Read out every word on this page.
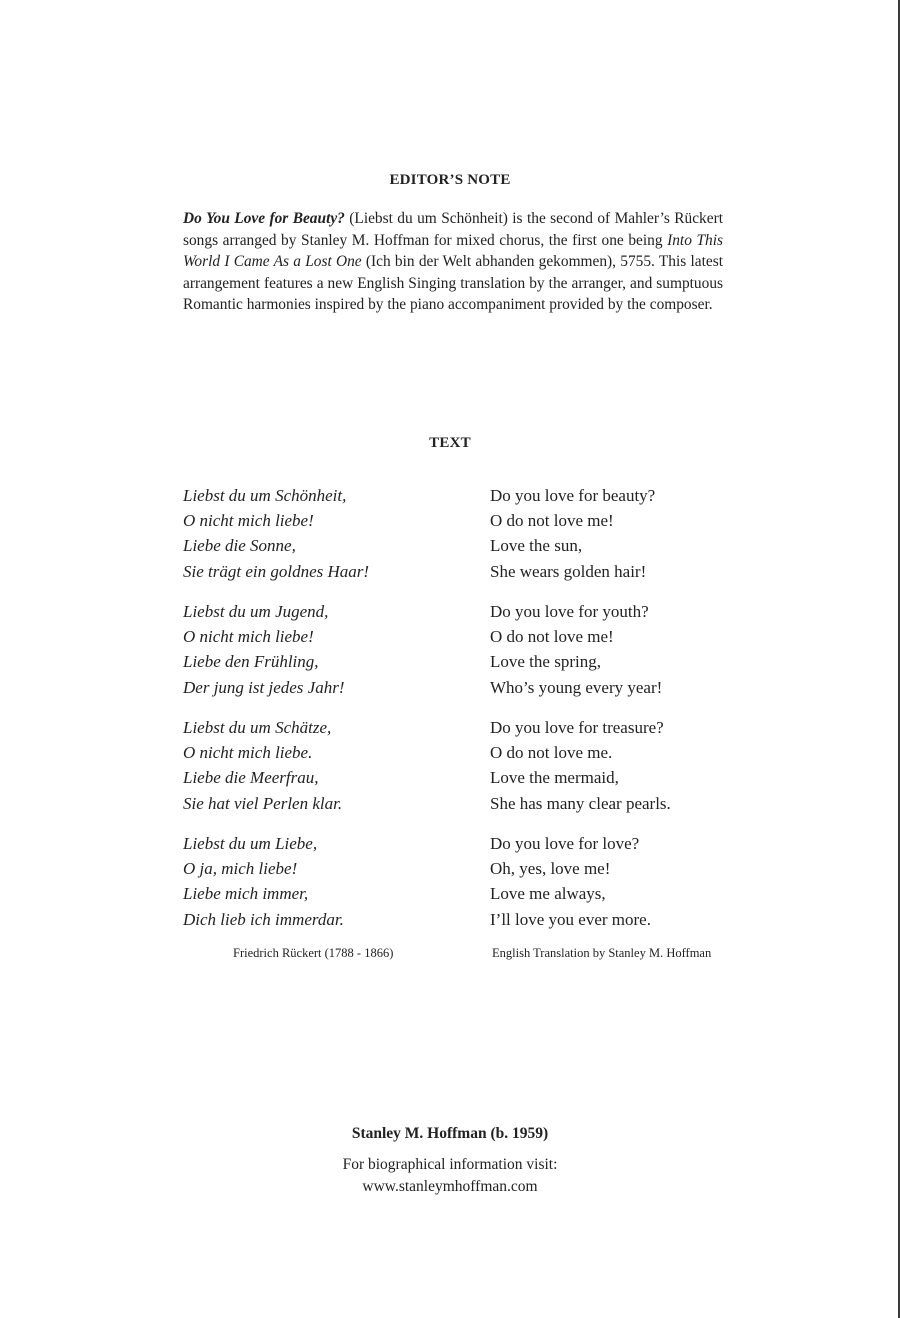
EDITOR’S NOTE

Do You Love for Beauty? (Liebst du um Schönheit) is the second of Mahler’s Rückert songs arranged by Stanley M. Hoffman for mixed chorus, the first one being Into This World I Came As a Lost One (Ich bin der Welt abhanden gekommen), 5755. This latest arrangement features a new English Singing translation by the arranger, and sumptuous Romantic harmonies inspired by the piano accompaniment provided by the composer.

TEXT
Liebst du um Schönheit,
O nicht mich liebe!
Liebe die Sonne,
Sie trägt ein goldnes Haar!
Liebst du um Jugend,
O nicht mich liebe!
Liebe den Frühling,
Der jung ist jedes Jahr!
Liebst du um Schätze,
O nicht mich liebe.
Liebe die Meerfrau,
Sie hat viel Perlen klar.
Liebst du um Liebe,
O ja, mich liebe!
Liebe mich immer,
Dich lieb ich immerdar.
Do you love for beauty?
O do not love me!
Love the sun,
She wears golden hair!
Do you love for youth?
O do not love me!
Love the spring,
Who’s young every year!
Do you love for treasure?
O do not love me.
Love the mermaid,
She has many clear pearls.
Do you love for love?
Oh, yes, love me!
Love me always,
I’ll love you ever more.
Friedrich Rückert (1788 - 1866)	English Translation by Stanley M. Hoffman
Stanley M. Hoffman (b. 1959)
For biographical information visit:
www.stanleymhoffman.com
